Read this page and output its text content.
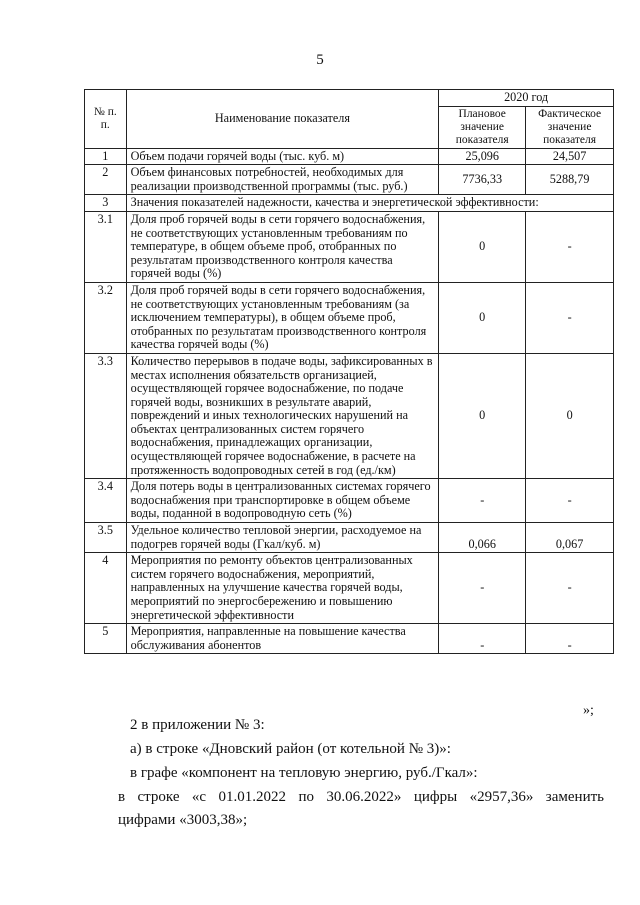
5
№ п. п.	Наименование показателя	2020 год	
		Плановое значение показателя	Фактическое значение показателя
1	Объем подачи горячей воды (тыс. куб. м)	25,096	24,507
2	Объем финансовых потребностей, необходимых для реализации производственной программы (тыс. руб.)	7736,33	5288,79
3	Значения показателей надежности, качества и энергетической эффективности:		
3.1	Доля проб горячей воды в сети горячего водоснабжения, не соответствующих установленным требованиям по температуре, в общем объеме проб, отобранных по результатам производственного контроля качества горячей воды (%)	0	-
3.2	Доля проб горячей воды в сети горячего водоснабжения, не соответствующих установленным требованиям (за исключением температуры), в общем объеме проб, отобранных по результатам производственного контроля качества горячей воды (%)	0	-
3.3	Количество перерывов в подаче воды, зафиксированных в местах исполнения обязательств организацией, осуществляющей горячее водоснабжение, по подаче горячей воды, возникших в результате аварий, повреждений и иных технологических нарушений на объектах централизованных систем горячего водоснабжения, принадлежащих организации, осуществляющей горячее водоснабжение, в расчете на протяженность водопроводных сетей в год (ед./км)	0	0
3.4	Доля потерь воды в централизованных системах горячего водоснабжения при транспортировке в общем объеме воды, поданной в водопроводную сеть (%)	-	-
3.5	Удельное количество тепловой энергии, расходуемое на подогрев горячей воды (Гкал/куб. м)	0,066	0,067
4	Мероприятия по ремонту объектов централизованных систем горячего водоснабжения, мероприятий, направленных на улучшение качества горячей воды, мероприятий по энергосбережению и повышению энергетической эффективности	-	-
5	Мероприятия, направленные на повышение качества обслуживания абонентов	-	-
»;
2 в приложении № 3:
а) в строке «Дновский район (от котельной № 3)»:
в графе «компонент на тепловую энергию, руб./Гкал»:
в строке «с 01.01.2022 по 30.06.2022» цифры «2957,36» заменить
цифрами «3003,38»;
